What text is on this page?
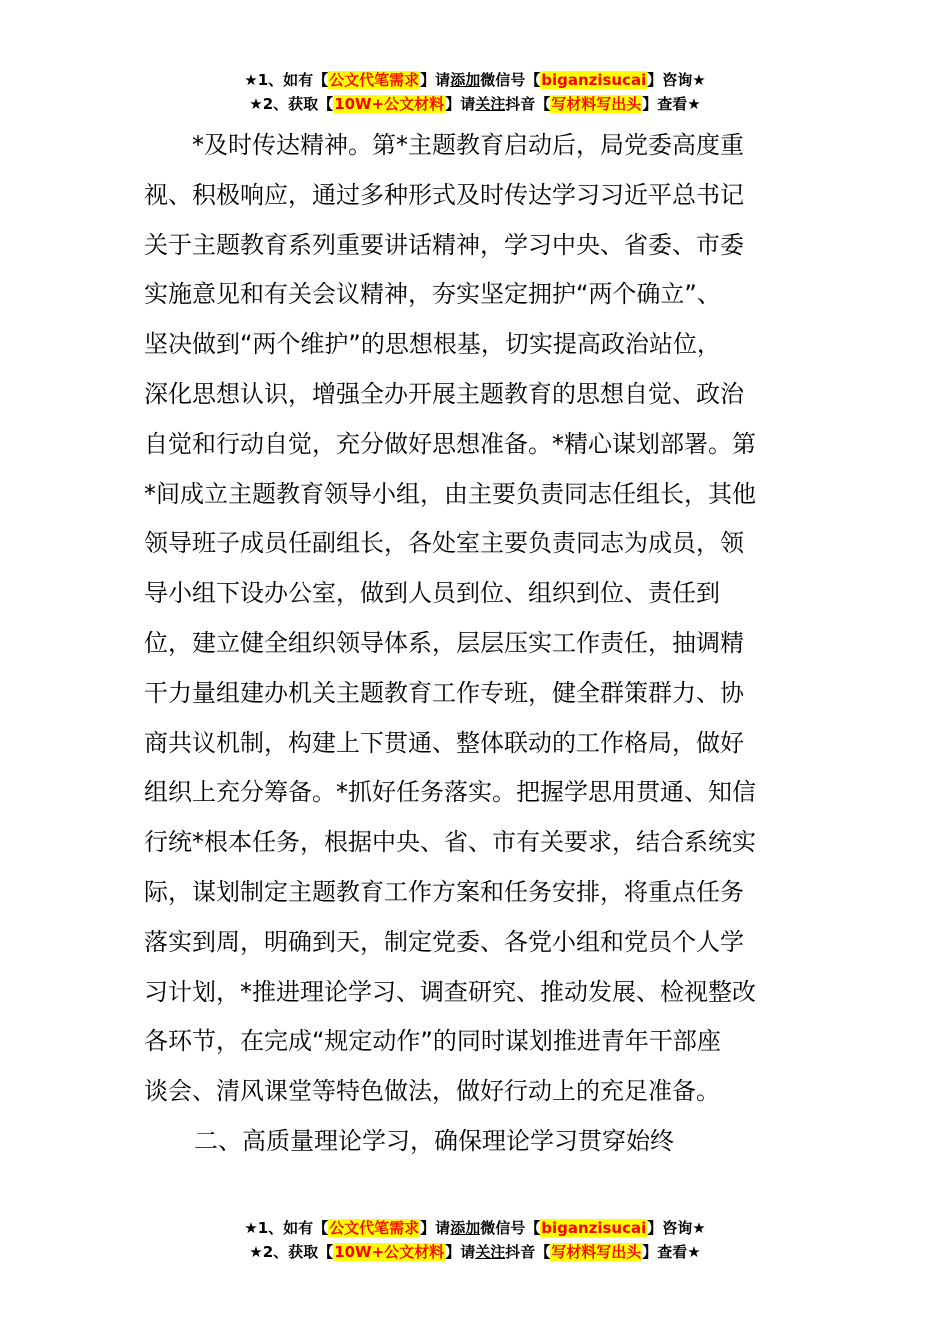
★1、如有【公文代笔需求】请添加微信号【biganzisucai】咨询★
★2、获取【10W+公文材料】请关注抖音【写材料写出头】查看★
　　*及时传达精神。第*主题教育启动后，局党委高度重
视、积极响应，通过多种形式及时传达学习习近平总书记
关于主题教育系列重要讲话精神，学习中央、省委、市委
实施意见和有关会议精神，夯实坚定拥护“两个确立”、
坚决做到“两个维护”的思想根基，切实提高政治站位，
深化思想认识，增强全办开展主题教育的思想自觉、政治
自觉和行动自觉，充分做好思想准备。*精心谋划部署。第
*间成立主题教育领导小组，由主要负责同志任组长，其他
领导班子成员任副组长，各处室主要负责同志为成员，领
导小组下设办公室，做到人员到位、组织到位、责任到
位，建立健全组织领导体系，层层压实工作责任，抽调精
干力量组建办机关主题教育工作专班，健全群策群力、协
商共议机制，构建上下贯通、整体联动的工作格局，做好
组织上充分筹备。*抓好任务落实。把握学思用贯通、知信
行统*根本任务，根据中央、省、市有关要求，结合系统实
际，谋划制定主题教育工作方案和任务安排，将重点任务
落实到周，明确到天，制定党委、各党小组和党员个人学
习计划，*推进理论学习、调查研究、推动发展、检视整改
各环节，在完成“规定动作”的同时谋划推进青年干部座
谈会、清风课堂等特色做法，做好行动上的充足准备。
二、高质量理论学习，确保理论学习贯穿始终
★1、如有【公文代笔需求】请添加微信号【biganzisucai】咨询★
★2、获取【10W+公文材料】请关注抖音【写材料写出头】查看★
